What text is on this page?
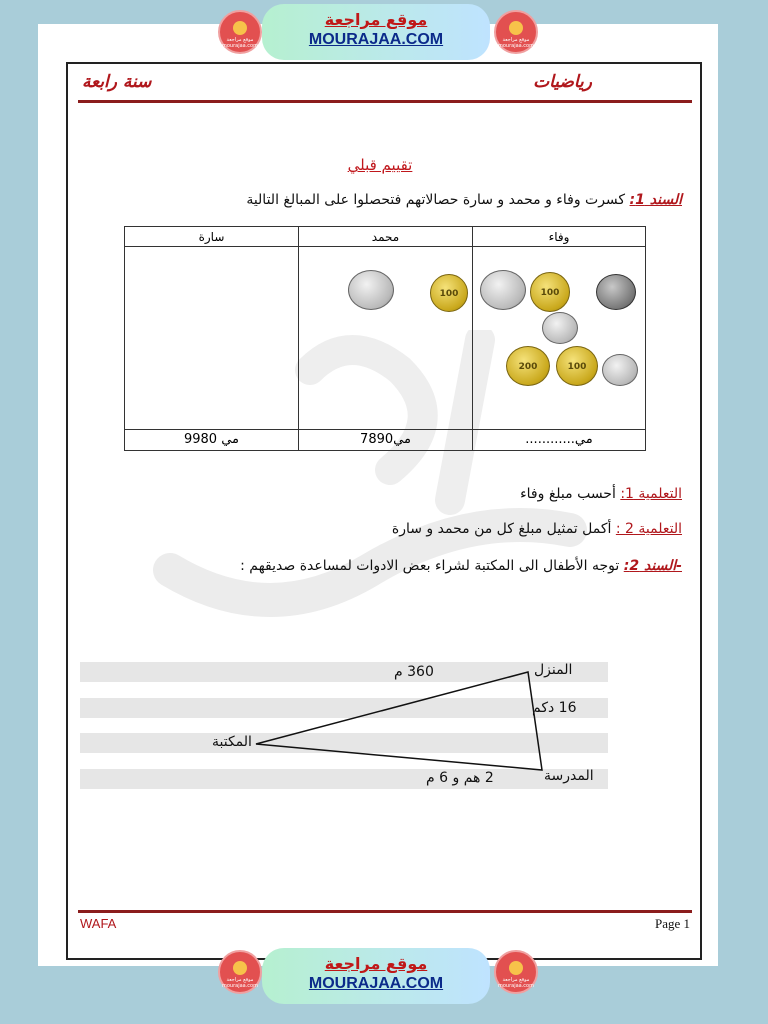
موقع مراجعة mourajaa.com
موقع مراجعة
MOURAJAA.COM	موقع مراجعة mourajaa.com
سنة رابعة	رياضيات
تقييم قبلي
السند 1: كسرت وفاء و محمد و سارة حصالاتهم فتحصلوا على المبالغ التالية
سارة	محمد	وفاء

9980 مي	7890مي	............مي
100	100
200	100
التعلمية 1: أحسب مبلغ وفاء
التعلمية 2 : أكمل تمثيل مبلغ كل من محمد و سارة
-السند 2: توجه الأطفال الى المكتبة لشراء بعض الادوات لمساعدة صديقهم :
المنزل
المكتبة
المدرسة
360 م
16 دكم
2 هم و 6 م
WAFA	Page 1
موقع مراجعة mourajaa.com
موقع مراجعة
MOURAJAA.COM	موقع مراجعة mourajaa.com
